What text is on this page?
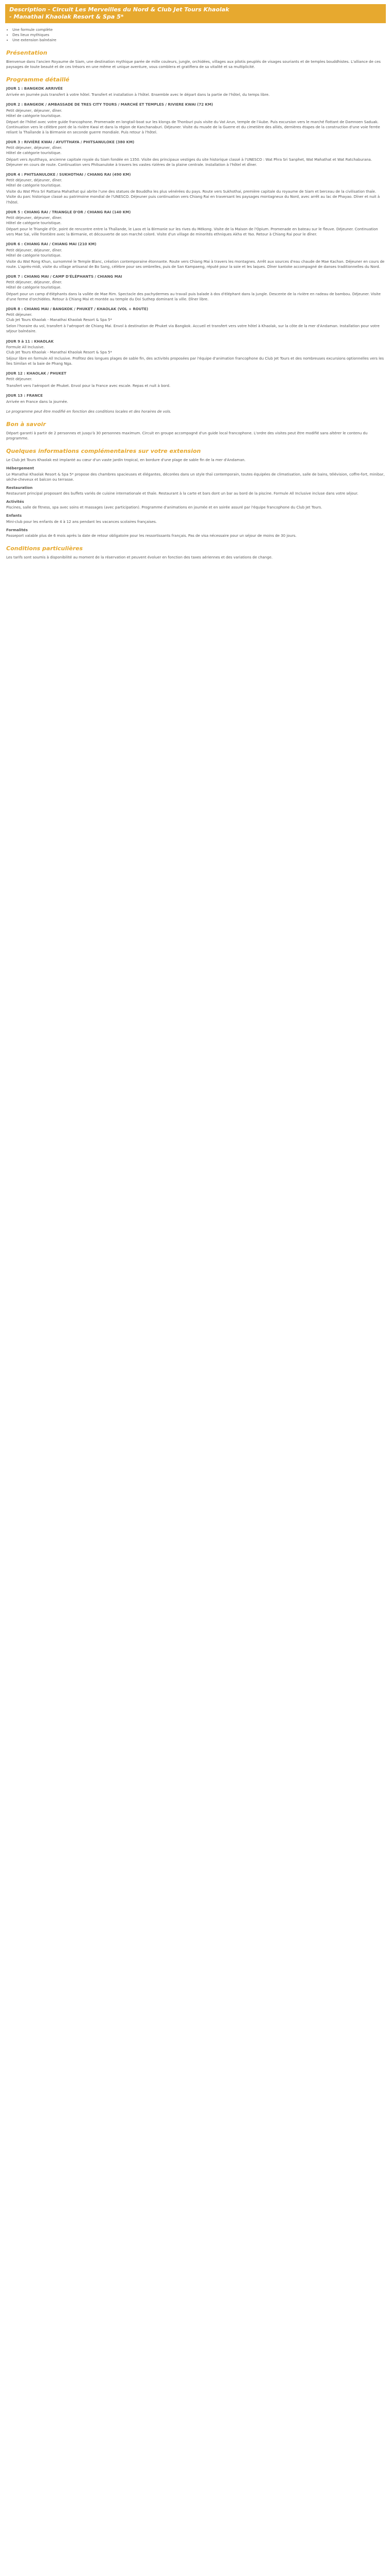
Description - Circuit Les Merveilles du Nord & Club Jet Tours Khaolak
- Manathai Khaolak Resort & Spa 5*
• Une formule complète
• Des lieux mythiques
• Une extension balnéaire
Présentation

Bienvenue dans l'ancien Royaume de Siam, une destination mythique parée de mille couleurs, jungle, orchidées, villages aux pilotis peuplés de visages souriants et de temples bouddhistes. L'alliance de ces paysages de toute beauté et de ces trésors en une même et unique aventure, vous comblera et gratifiera de sa vitalité et sa multiplicité.

Programme détaillé
JOUR 1 : BANGKOK ARRIVÉE
Arrivée en journée puis transfert à votre hôtel. Transfert et installation à l'hôtel. Ensemble avec le départ dans la partie de l'hôtel, du temps libre.
JOUR 2 : BANGKOK / AMBASSADE DE TRES CITY TOURS / MARCHÉ ET TEMPLES / RIVIERE KWAI (72 KM)
Petit déjeuner, déjeuner, dîner.
Hôtel de catégorie touristique.
Départ de l'hôtel avec votre guide francophone. Promenade en longtail-boat sur les klongs de Thonburi puis visite du Vat Arun, temple de l'Aube. Puis excursion vers le marché flottant de Damnoen Saduak. Continuation vers le célèbre pont de la rivière Kwai et dans la région de Kanchanaburi. Déjeuner. Visite du musée de la Guerre et du cimetière des alliés, dernières étapes de la construction d'une voie ferrée reliant la Thaïlande à la Birmanie en seconde guerre mondiale. Puis retour à l'hôtel.
JOUR 3 : RIVIÈRE KWAI / AYUTTHAYA / PHITSANULOKE (380 KM)
Petit déjeuner, déjeuner, dîner.
Hôtel de catégorie touristique.
Départ vers Ayutthaya, ancienne capitale royale du Siam fondée en 1350. Visite des principaux vestiges du site historique classé à l'UNESCO : Wat Phra Sri Sanphet, Wat Mahathat et Wat Ratchaburana. Déjeuner en cours de route. Continuation vers Phitsanuloke à travers les vastes rizières de la plaine centrale. Installation à l'hôtel et dîner.
JOUR 4 : PHITSANULOKE / SUKHOTHAI / CHIANG RAI (490 KM)
Petit déjeuner, déjeuner, dîner.
Hôtel de catégorie touristique.
Visite du Wat Phra Sri Rattana Mahathat qui abrite l'une des statues de Bouddha les plus vénérées du pays. Route vers Sukhothai, première capitale du royaume de Siam et berceau de la civilisation thaïe. Visite du parc historique classé au patrimoine mondial de l'UNESCO. Déjeuner puis continuation vers Chiang Rai en traversant les paysages montagneux du Nord, avec arrêt au lac de Phayao. Dîner et nuit à l'hôtel.
JOUR 5 : CHIANG RAI / TRIANGLE D'OR / CHIANG RAI (140 KM)
Petit déjeuner, déjeuner, dîner.
Hôtel de catégorie touristique.
Départ pour le Triangle d'Or, point de rencontre entre la Thaïlande, le Laos et la Birmanie sur les rives du Mékong. Visite de la Maison de l'Opium. Promenade en bateau sur le fleuve. Déjeuner. Continuation vers Mae Sai, ville frontière avec la Birmanie, et découverte de son marché coloré. Visite d'un village de minorités ethniques Akha et Yao. Retour à Chiang Rai pour le dîner.
JOUR 6 : CHIANG RAI / CHIANG MAI (210 KM)
Petit déjeuner, déjeuner, dîner.
Hôtel de catégorie touristique.
Visite du Wat Rong Khun, surnommé le Temple Blanc, création contemporaine étonnante. Route vers Chiang Mai à travers les montagnes. Arrêt aux sources d'eau chaude de Mae Kachan. Déjeuner en cours de route. L'après-midi, visite du village artisanal de Bo Sang, célèbre pour ses ombrelles, puis de San Kampaeng, réputé pour la soie et les laques. Dîner kantoke accompagné de danses traditionnelles du Nord.
JOUR 7 : CHIANG MAI / CAMP D'ÉLÉPHANTS / CHIANG MAI
Petit déjeuner, déjeuner, dîner.
Hôtel de catégorie touristique.
Départ pour un camp d'éléphants dans la vallée de Mae Rim. Spectacle des pachydermes au travail puis balade à dos d'éléphant dans la jungle. Descente de la rivière en radeau de bambou. Déjeuner. Visite d'une ferme d'orchidées. Retour à Chiang Mai et montée au temple du Doi Suthep dominant la ville. Dîner libre.
JOUR 8 : CHIANG MAI / BANGKOK / PHUKET / KHAOLAK (VOL + ROUTE)
Petit déjeuner.
Club Jet Tours Khaolak - Manathai Khaolak Resort & Spa 5*
Selon l'horaire du vol, transfert à l'aéroport de Chiang Mai. Envol à destination de Phuket via Bangkok. Accueil et transfert vers votre hôtel à Khaolak, sur la côte de la mer d'Andaman. Installation pour votre séjour balnéaire.
JOUR 9 à 11 : KHAOLAK
Formule All Inclusive.
Club Jet Tours Khaolak - Manathai Khaolak Resort & Spa 5*
Séjour libre en formule All Inclusive. Profitez des longues plages de sable fin, des activités proposées par l'équipe d'animation francophone du Club Jet Tours et des nombreuses excursions optionnelles vers les îles Similan et la baie de Phang Nga.
JOUR 12 : KHAOLAK / PHUKET
Petit déjeuner.
Transfert vers l'aéroport de Phuket. Envol pour la France avec escale. Repas et nuit à bord.
JOUR 13 : FRANCE
Arrivée en France dans la journée.

Le programme peut être modifié en fonction des conditions locales et des horaires de vols.

Bon à savoir

Départ garanti à partir de 2 personnes et jusqu'à 30 personnes maximum. Circuit en groupe accompagné d'un guide local francophone. L'ordre des visites peut être modifié sans altérer le contenu du programme.

Quelques informations complémentaires sur votre extension

Le Club Jet Tours Khaolak est implanté au cœur d'un vaste jardin tropical, en bordure d'une plage de sable fin de la mer d'Andaman.

Hébergement

Le Manathai Khaolak Resort & Spa 5* propose des chambres spacieuses et élégantes, décorées dans un style thaï contemporain, toutes équipées de climatisation, salle de bains, télévision, coffre-fort, minibar, sèche-cheveux et balcon ou terrasse.

Restauration

Restaurant principal proposant des buffets variés de cuisine internationale et thaïe. Restaurant à la carte et bars dont un bar au bord de la piscine. Formule All Inclusive incluse dans votre séjour.

Activités

Piscines, salle de fitness, spa avec soins et massages (avec participation). Programme d'animations en journée et en soirée assuré par l'équipe francophone du Club Jet Tours.

Enfants

Mini-club pour les enfants de 4 à 12 ans pendant les vacances scolaires françaises.

Formalités

Passeport valable plus de 6 mois après la date de retour obligatoire pour les ressortissants français. Pas de visa nécessaire pour un séjour de moins de 30 jours.

Conditions particulières

Les tarifs sont soumis à disponibilité au moment de la réservation et peuvent évoluer en fonction des taxes aériennes et des variations de change.
